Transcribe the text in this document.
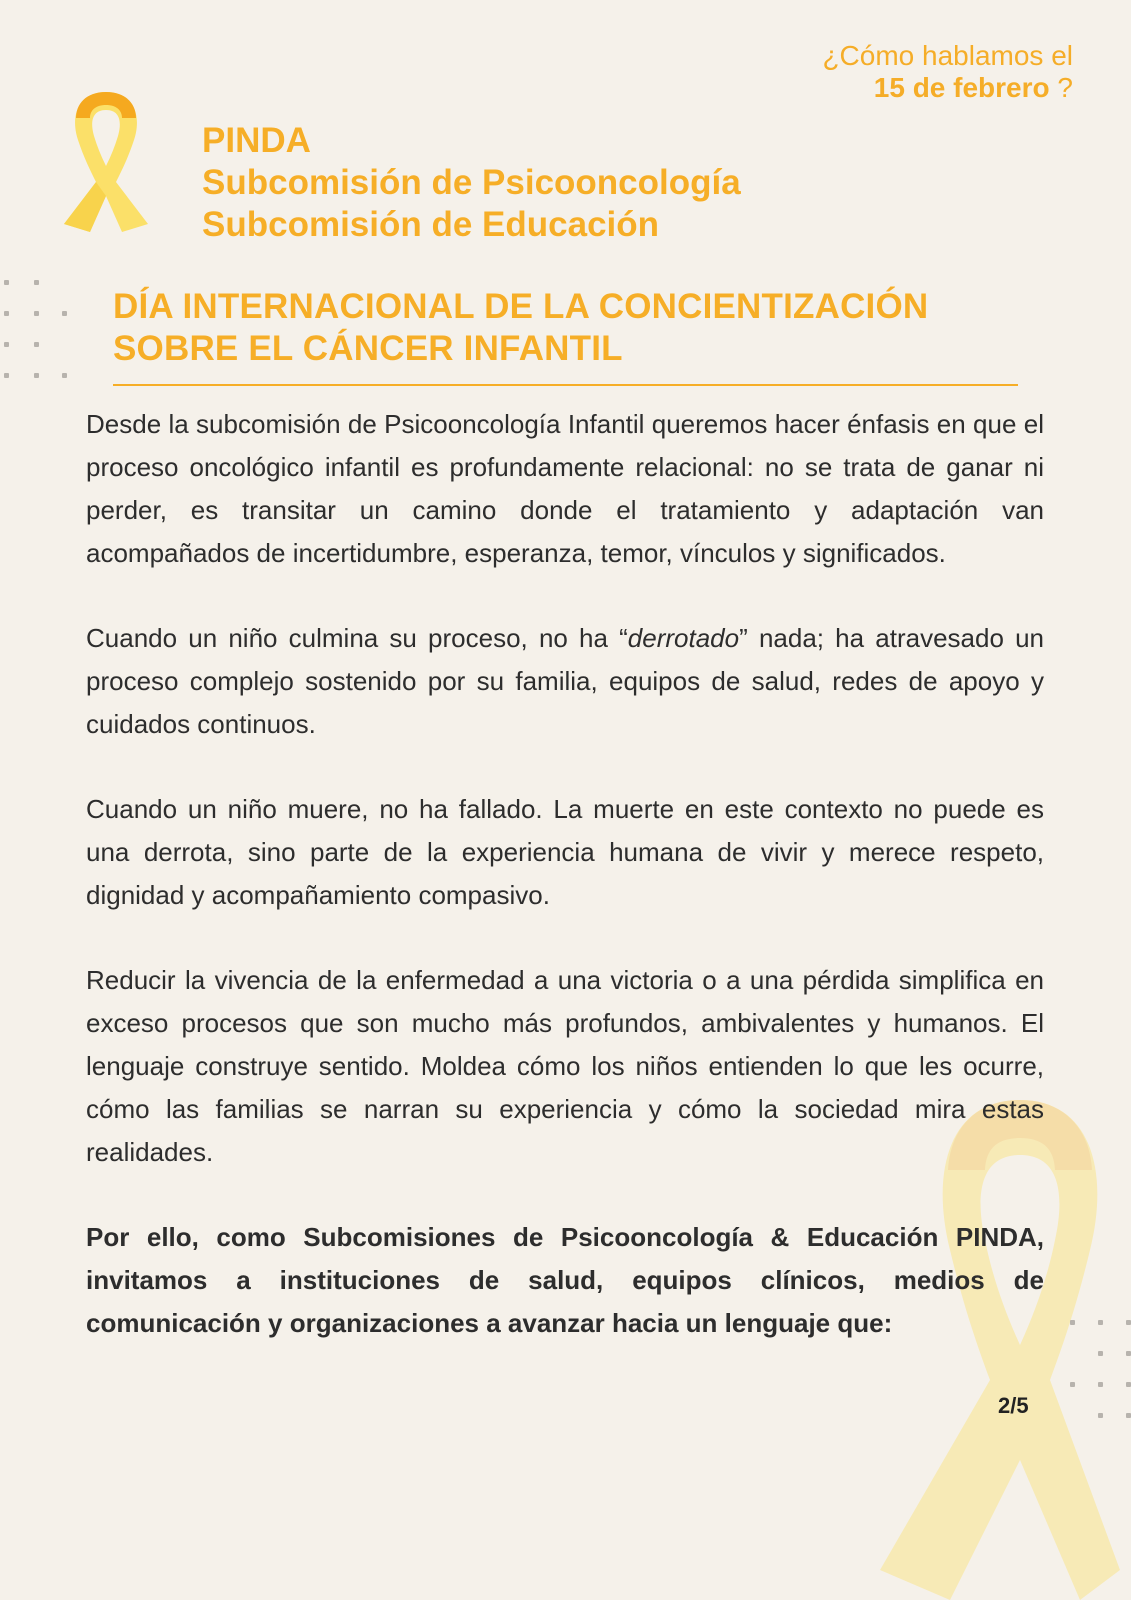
¿Cómo hablamos el
15 de febrero ?
PINDA
Subcomisión de Psicooncología
Subcomisión de Educación
DÍA INTERNACIONAL DE LA CONCIENTIZACIÓN
SOBRE EL CÁNCER INFANTIL

Desde la subcomisión de Psicooncología Infantil queremos hacer énfasis en que el proceso oncológico infantil es profundamente relacional: no se trata de ganar ni perder, es transitar un camino donde el tratamiento y adaptación van acompañados de incertidumbre, esperanza, temor, vínculos y significados.

Cuando un niño culmina su proceso, no ha “derrotado” nada; ha atravesado un proceso complejo sostenido por su familia, equipos de salud, redes de apoyo y cuidados continuos.

Cuando un niño muere, no ha fallado. La muerte en este contexto no puede es una derrota, sino parte de la experiencia humana de vivir y merece respeto, dignidad y acompañamiento compasivo.

Reducir la vivencia de la enfermedad a una victoria o a una pérdida simplifica en exceso procesos que son mucho más profundos, ambivalentes y humanos. El lenguaje construye sentido. Moldea cómo los niños entienden lo que les ocurre, cómo las familias se narran su experiencia y cómo la sociedad mira estas realidades.

Por ello, como Subcomisiones de Psicooncología & Educación PINDA, invitamos a instituciones de salud, equipos clínicos, medios de comunicación y organizaciones a avanzar hacia un lenguaje que:

2/5
